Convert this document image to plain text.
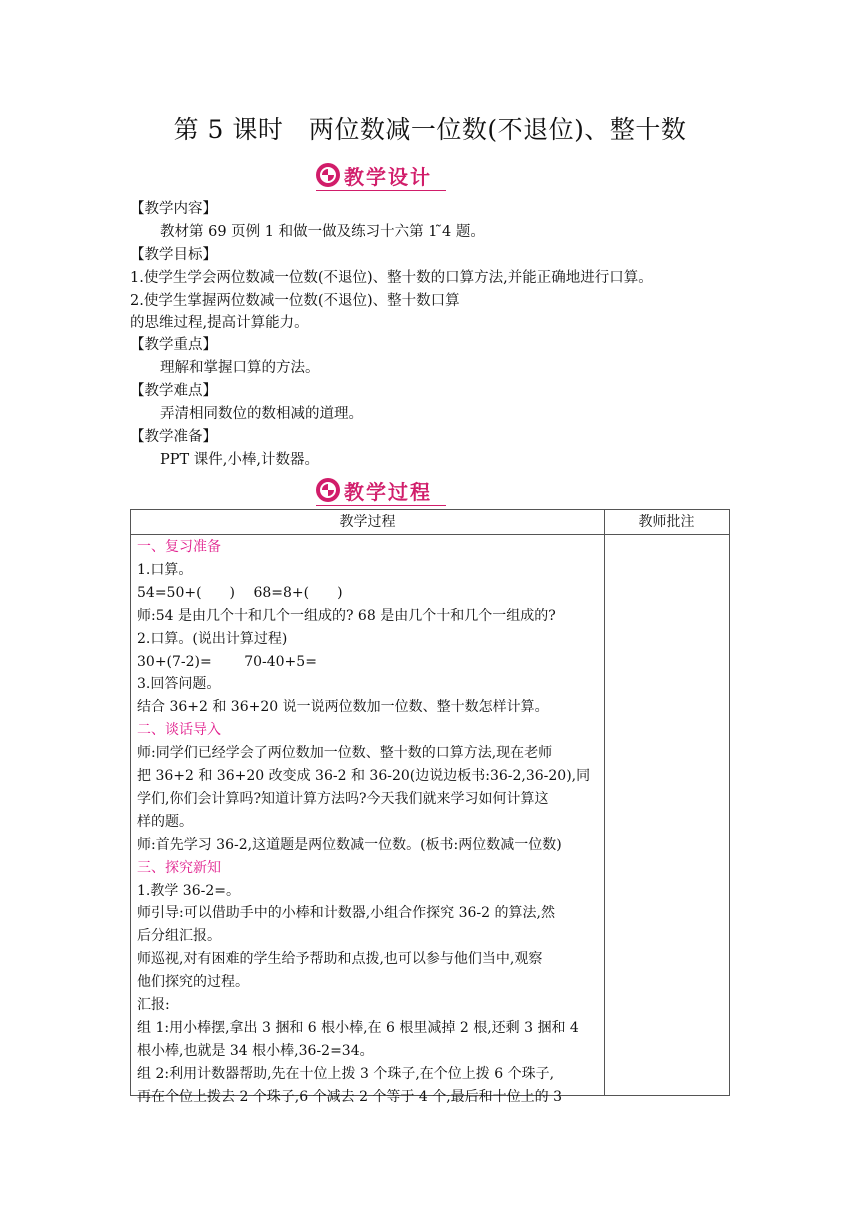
第 5 课时　两位数减一位数(不退位)、整十数
教学设计
【教学内容】
教材第 69 页例 1 和做一做及练习十六第 1 ̃4 题。
【教学目标】
1.使学生学会两位数减一位数(不退位)、整十数的口算方法,并能正确地进行口算。
2.使学生掌握两位数减一位数(不退位)、整十数口算
的思维过程,提高计算能力。
【教学重点】
理解和掌握口算的方法。
【教学难点】
弄清相同数位的数相减的道理。
【教学准备】
PPT 课件,小棒,计数器。
教学过程
教学过程	教师批注
一、复习准备
1.口算。
54=50+(　　)　 68=8+(　　)
师:54 是由几个十和几个一组成的? 68 是由几个十和几个一组成的?
2.口算。(说出计算过程)
30+(7-2)=　　 70-40+5=
3.回答问题。
结合 36+2 和 36+20 说一说两位数加一位数、整十数怎样计算。
二、谈话导入
师:同学们已经学会了两位数加一位数、整十数的口算方法,现在老师
把 36+2 和 36+20 改变成 36-2 和 36-20(边说边板书:36-2,36-20),同
学们,你们会计算吗?知道计算方法吗?今天我们就来学习如何计算这
样的题。
师:首先学习 36-2,这道题是两位数减一位数。(板书:两位数减一位数)
三、探究新知
1.教学 36-2=。
师引导:可以借助手中的小棒和计数器,小组合作探究 36-2 的算法,然
后分组汇报。
师巡视,对有困难的学生给予帮助和点拨,也可以参与他们当中,观察
他们探究的过程。
汇报:
组 1:用小棒摆,拿出 3 捆和 6 根小棒,在 6 根里减掉 2 根,还剩 3 捆和 4
根小棒,也就是 34 根小棒,36-2=34。
组 2:利用计数器帮助,先在十位上拨 3 个珠子,在个位上拨 6 个珠子,
再在个位上拨去 2 个珠子,6 个减去 2 个等于 4 个,最后和十位上的 3
